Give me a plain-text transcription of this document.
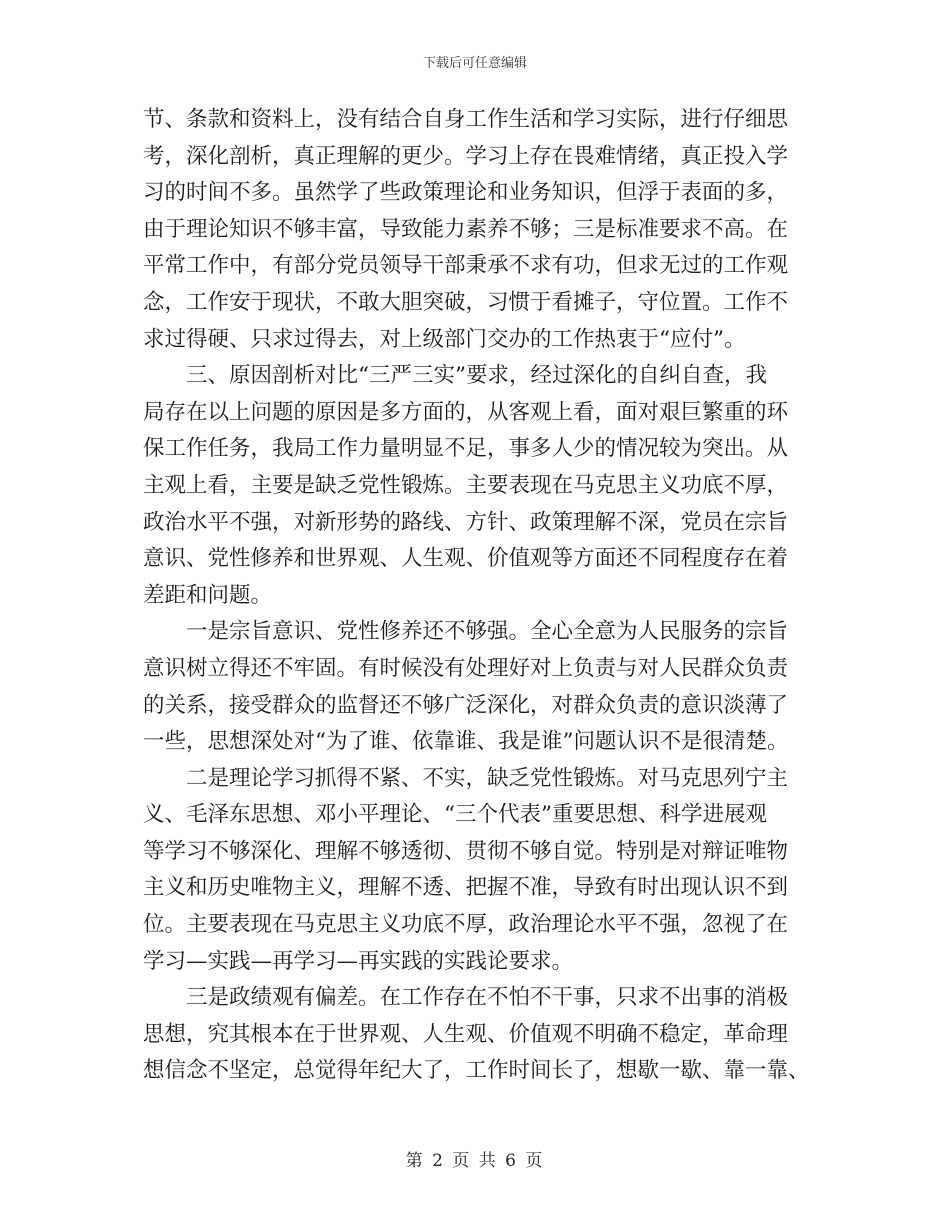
下载后可任意编辑
节、条款和资料上，没有结合自身工作生活和学习实际，进行仔细思
考，深化剖析，真正理解的更少。学习上存在畏难情绪，真正投入学
习的时间不多。虽然学了些政策理论和业务知识，但浮于表面的多，
由于理论知识不够丰富，导致能力素养不够；三是标准要求不高。在
平常工作中，有部分党员领导干部秉承不求有功，但求无过的工作观
念，工作安于现状，不敢大胆突破，习惯于看摊子，守位置。工作不
求过得硬、只求过得去，对上级部门交办的工作热衷于“应付”。
三、原因剖析对比“三严三实”要求，经过深化的自纠自查，我
局存在以上问题的原因是多方面的，从客观上看，面对艰巨繁重的环
保工作任务，我局工作力量明显不足，事多人少的情况较为突出。从
主观上看，主要是缺乏党性锻炼。主要表现在马克思主义功底不厚，
政治水平不强，对新形势的路线、方针、政策理解不深，党员在宗旨
意识、党性修养和世界观、人生观、价值观等方面还不同程度存在着
差距和问题。
一是宗旨意识、党性修养还不够强。全心全意为人民服务的宗旨
意识树立得还不牢固。有时候没有处理好对上负责与对人民群众负责
的关系，接受群众的监督还不够广泛深化，对群众负责的意识淡薄了
一些，思想深处对“为了谁、依靠谁、我是谁”问题认识不是很清楚。
二是理论学习抓得不紧、不实，缺乏党性锻炼。对马克思列宁主
义、毛泽东思想、邓小平理论、“三个代表”重要思想、科学进展观
等学习不够深化、理解不够透彻、贯彻不够自觉。特别是对辩证唯物
主义和历史唯物主义，理解不透、把握不准，导致有时出现认识不到
位。主要表现在马克思主义功底不厚，政治理论水平不强，忽视了在
学习—实践—再学习—再实践的实践论要求。
三是政绩观有偏差。在工作存在不怕不干事，只求不出事的消极
思想，究其根本在于世界观、人生观、价值观不明确不稳定，革命理
想信念不坚定，总觉得年纪大了，工作时间长了，想歇一歇、靠一靠、
第 2 页 共 6 页
